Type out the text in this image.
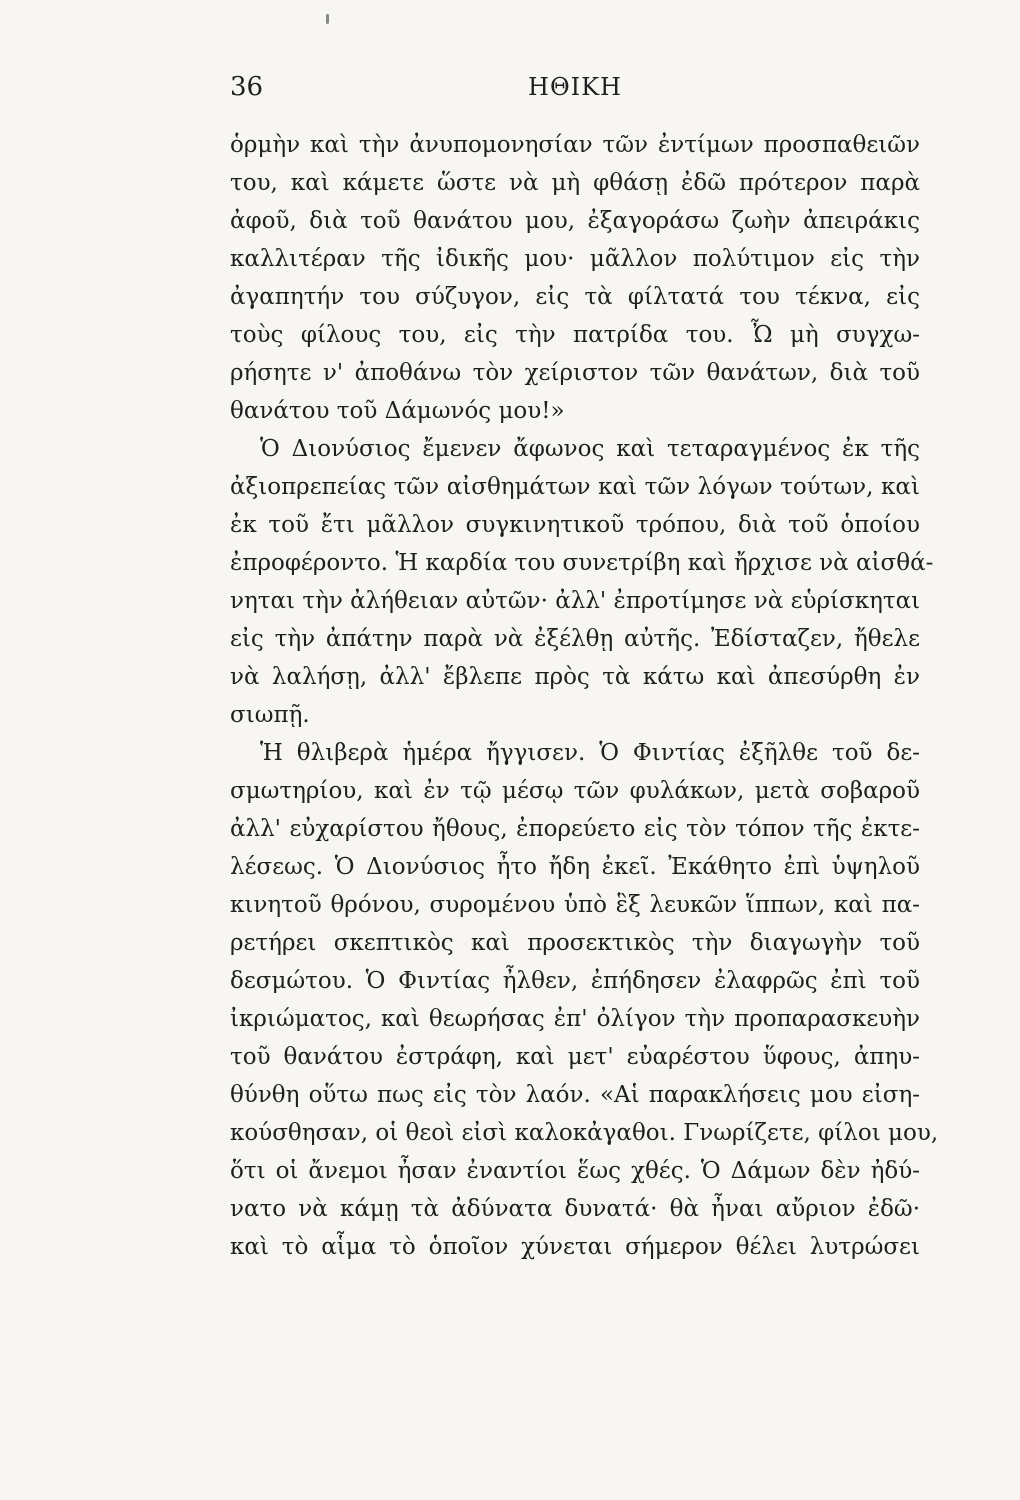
36	ΗΘΙΚΗ
ὁρμὴν καὶ τὴν ἀνυπομονησίαν τῶν ἐντίμων προσπαθειῶν
του, καὶ κάμετε ὥστε νὰ μὴ φθάσῃ ἐδῶ πρότερον παρὰ
ἀφοῦ, διὰ τοῦ θανάτου μου, ἐξαγοράσω ζωὴν ἀπειράκις
καλλιτέραν τῆς ἰδικῆς μου· μᾶλλον πολύτιμον εἰς τὴν
ἀγαπητήν του σύζυγον, εἰς τὰ φίλτατά του τέκνα, εἰς
τοὺς φίλους του, εἰς τὴν πατρίδα του. Ὦ μὴ συγχω-
ρήσητε ν' ἀποθάνω τὸν χείριστον τῶν θανάτων, διὰ τοῦ
θανάτου τοῦ Δάμωνός μου!»
Ὁ Διονύσιος ἔμενεν ἄφωνος καὶ τεταραγμένος ἐκ τῆς
ἀξιοπρεπείας τῶν αἰσθημάτων καὶ τῶν λόγων τούτων, καὶ
ἐκ τοῦ ἔτι μᾶλλον συγκινητικοῦ τρόπου, διὰ τοῦ ὁποίου
ἐπροφέροντο. Ἡ καρδία του συνετρίβη καὶ ἤρχισε νὰ αἰσθά-
νηται τὴν ἀλήθειαν αὐτῶν· ἀλλ' ἐπροτίμησε νὰ εὑρίσκηται
εἰς τὴν ἀπάτην παρὰ νὰ ἐξέλθῃ αὐτῆς. Ἐδίσταζεν, ἤθελε
νὰ λαλήσῃ, ἀλλ' ἔβλεπε πρὸς τὰ κάτω καὶ ἀπεσύρθη ἐν
σιωπῇ.
Ἡ θλιβερὰ ἡμέρα ἤγγισεν. Ὁ Φιντίας ἐξῆλθε τοῦ δε-
σμωτηρίου, καὶ ἐν τῷ μέσῳ τῶν φυλάκων, μετὰ σοβαροῦ
ἀλλ' εὐχαρίστου ἤθους, ἐπορεύετο εἰς τὸν τόπον τῆς ἐκτε-
λέσεως. Ὁ Διονύσιος ἦτο ἤδη ἐκεῖ. Ἐκάθητο ἐπὶ ὑψηλοῦ
κινητοῦ θρόνου, συρομένου ὑπὸ ἓξ λευκῶν ἵππων, καὶ πα-
ρετήρει σκεπτικὸς καὶ προσεκτικὸς τὴν διαγωγὴν τοῦ
δεσμώτου. Ὁ Φιντίας ἦλθεν, ἐπήδησεν ἐλαφρῶς ἐπὶ τοῦ
ἰκριώματος, καὶ θεωρήσας ἐπ' ὀλίγον τὴν προπαρασκευὴν
τοῦ θανάτου ἐστράφη, καὶ μετ' εὐαρέστου ὕφους, ἀπηυ-
θύνθη οὕτω πως εἰς τὸν λαόν. «Αἱ παρακλήσεις μου εἰση-
κούσθησαν, οἱ θεοὶ εἰσὶ καλοκἀγαθοι. Γνωρίζετε, φίλοι μου,
ὅτι οἱ ἄνεμοι ἦσαν ἐναντίοι ἕως χθές. Ὁ Δάμων δὲν ἠδύ-
νατο νὰ κάμῃ τὰ ἀδύνατα δυνατά· θὰ ἦναι αὔριον ἐδῶ·
καὶ τὸ αἷμα τὸ ὁποῖον χύνεται σήμερον θέλει λυτρώσει
